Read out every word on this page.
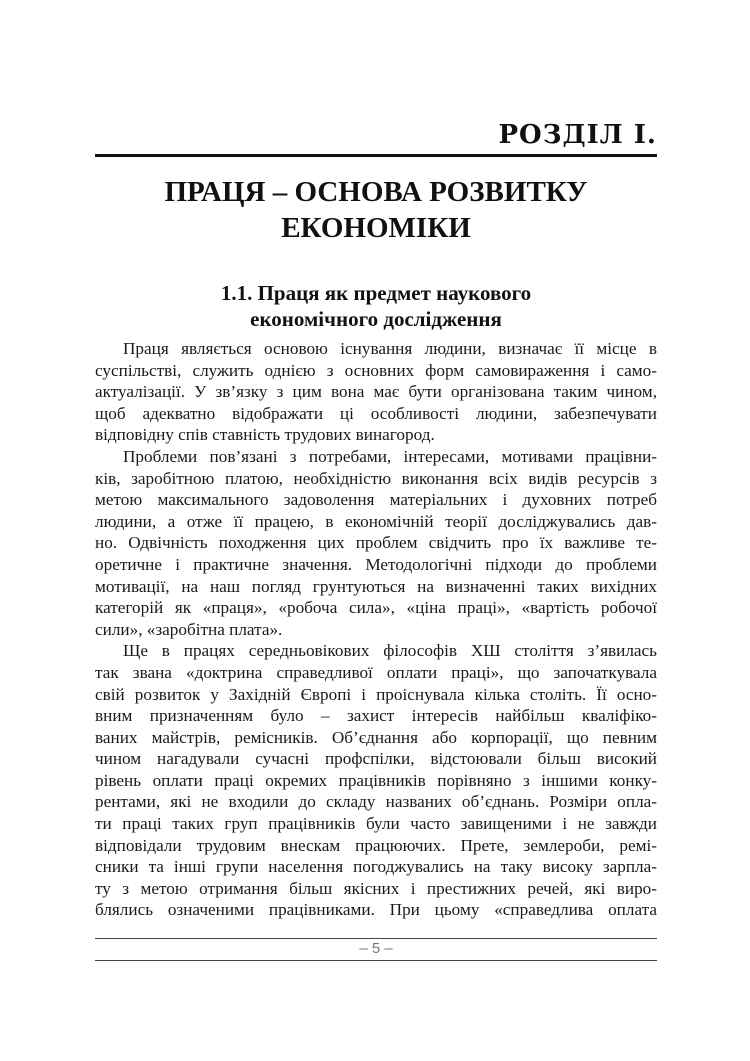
РОЗДІЛ І.
ПРАЦЯ – ОСНОВА РОЗВИТКУ
ЕКОНОМІКИ
1.1. Праця як предмет наукового
економічного дослідження

Праця являється основою існування людини, визначає її місце в
суспільстві, служить однією з основних форм самовираження і само-
актуалізації. У зв’язку з цим вона має бути організована таким чином,
щоб адекватно відображати ці особливості людини, забезпечувати
відповідну спів ставність трудових винагород.

Проблеми пов’язані з потребами, інтересами, мотивами працівни-
ків, заробітною платою, необхідністю виконання всіх видів ресурсів з
метою максимального задоволення матеріальних і духовних потреб
людини, а отже її працею, в економічній теорії досліджувались дав-
но. Одвічність походження цих проблем свідчить про їх важливе те-
оретичне і практичне значення. Методологічні підходи до проблеми
мотивації, на наш погляд грунтуються на визначенні таких вихідних
категорій як «праця», «робоча сила», «ціна праці», «вартість робочої
сили», «заробітна плата».

Ще в працях середньовікових філософів ХШ століття з’явилась
так звана «доктрина справедливої оплати праці», що започаткувала
свій розвиток у Західній Європі і проіснувала кілька століть. Її осно-
вним призначенням було – захист інтересів найбільш кваліфіко-
ваних майстрів, ремісників. Об’єднання або корпорації, що певним
чином нагадували сучасні профспілки, відстоювали більш високий
рівень оплати праці окремих працівників порівняно з іншими конку-
рентами, які не входили до складу названих об’єднань. Розміри опла-
ти праці таких груп працівників були часто завищеними і не завжди
відповідали трудовим внескам працюючих. Прете, землероби, ремі-
сники та інші групи населення погоджувались на таку високу зарпла-
ту з метою отримання більш якісних і престижних речей, які виро-
блялись означеними працівниками. При цьому «справедлива оплата

– 5 –
